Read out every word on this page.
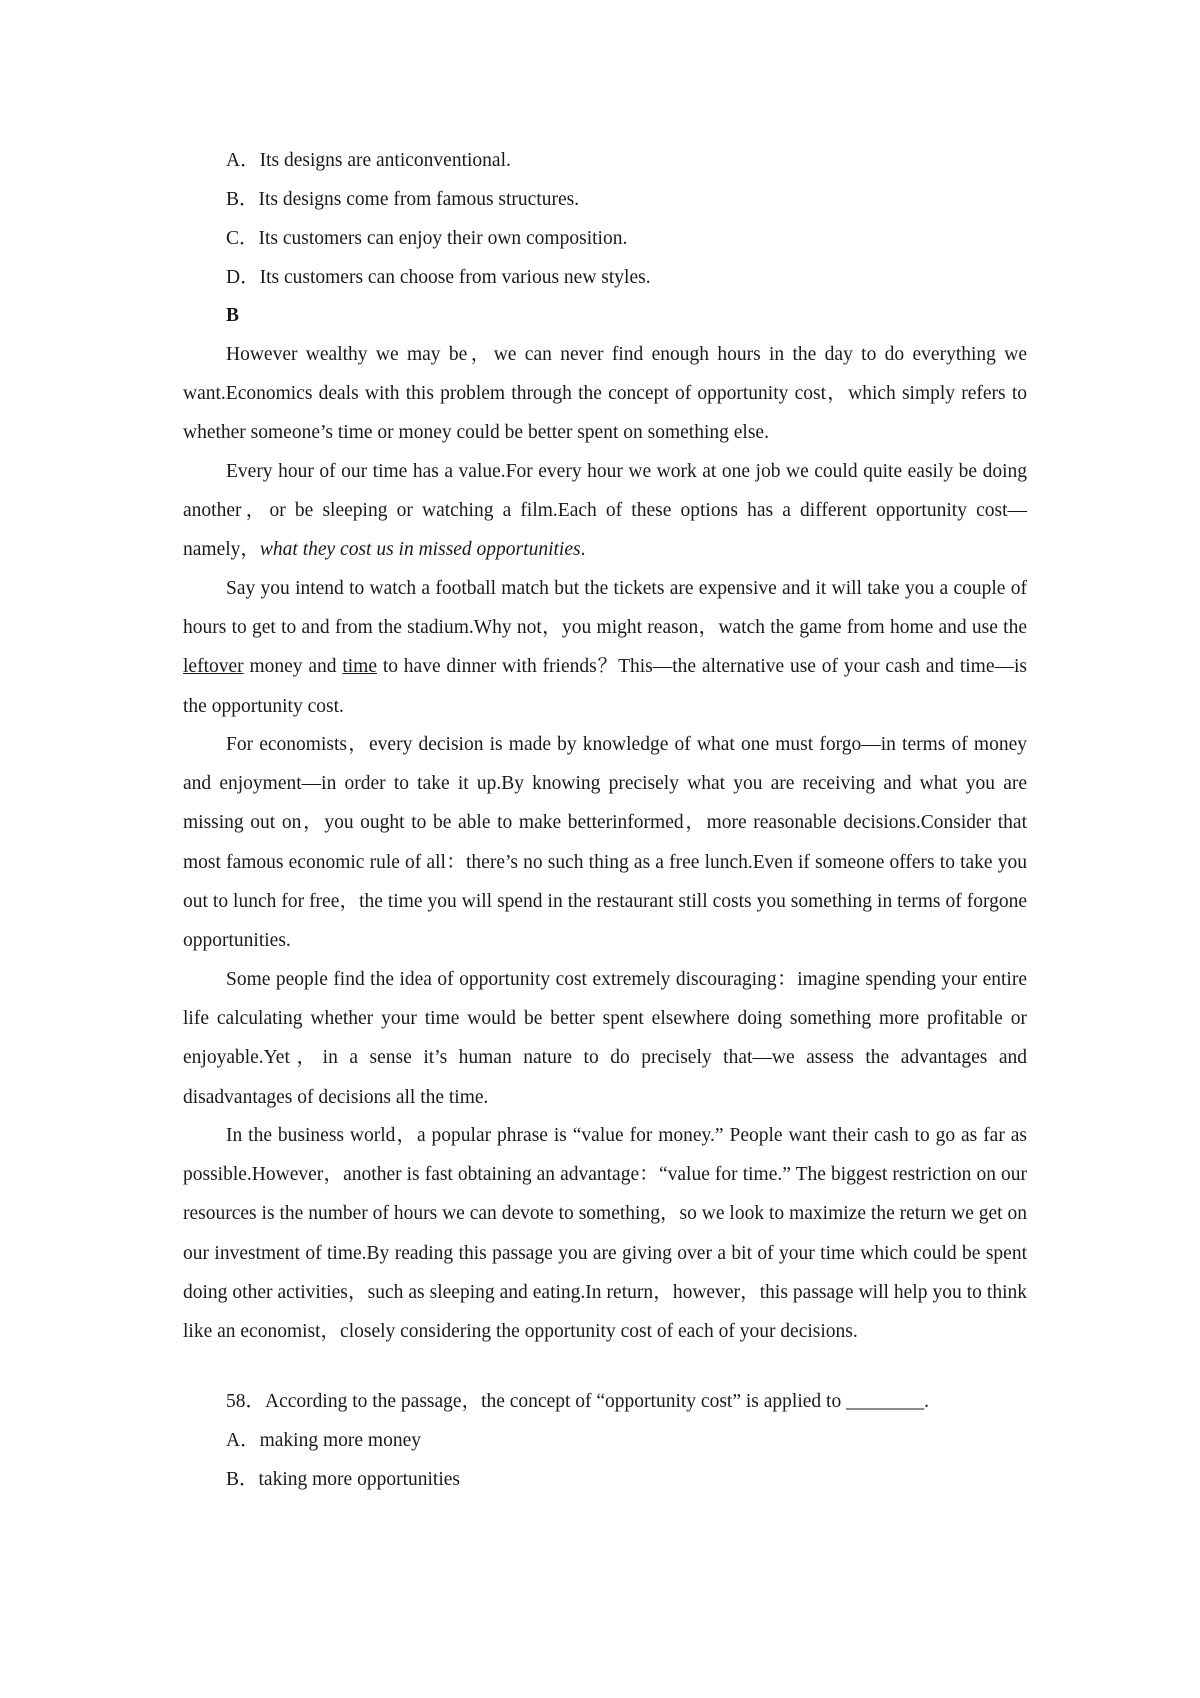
A．Its designs are anticonventional.
B．Its designs come from famous structures.
C．Its customers can enjoy their own composition.
D．Its customers can choose from various new styles.
B

However wealthy we may be，we can never find enough hours in the day to do everything we want.Economics deals with this problem through the concept of opportunity cost，which simply refers to whether someone’s time or money could be better spent on something else.

Every hour of our time has a value.For every hour we work at one job we could quite easily be doing another，or be sleeping or watching a film.Each of these options has a different opportunity cost—namely，what they cost us in missed opportunities.

Say you intend to watch a football match but the tickets are expensive and it will take you a couple of hours to get to and from the stadium.Why not，you might reason，watch the game from home and use the leftover money and time to have dinner with friends？This—the alternative use of your cash and time—is the opportunity cost.

For economists，every decision is made by knowledge of what one must forgo—in terms of money and enjoyment—in order to take it up.By knowing precisely what you are receiving and what you are missing out on，you ought to be able to make betterinformed，more reasonable decisions.Consider that most famous economic rule of all：there’s no such thing as a free lunch.Even if someone offers to take you out to lunch for free，the time you will spend in the restaurant still costs you something in terms of forgone opportunities.

Some people find the idea of opportunity cost extremely discouraging：imagine spending your entire life calculating whether your time would be better spent elsewhere doing something more profitable or enjoyable.Yet，in a sense it’s human nature to do precisely that—we assess the advantages and disadvantages of decisions all the time.

In the business world，a popular phrase is “value for money.” People want their cash to go as far as possible.However，another is fast obtaining an advantage：“value for time.” The biggest restriction on our resources is the number of hours we can devote to something，so we look to maximize the return we get on our investment of time.By reading this passage you are giving over a bit of your time which could be spent doing other activities，such as sleeping and eating.In return，however，this passage will help you to think like an economist，closely considering the opportunity cost of each of your decisions.

58．According to the passage，the concept of “opportunity cost” is applied to ________.
A．making more money
B．taking more opportunities
